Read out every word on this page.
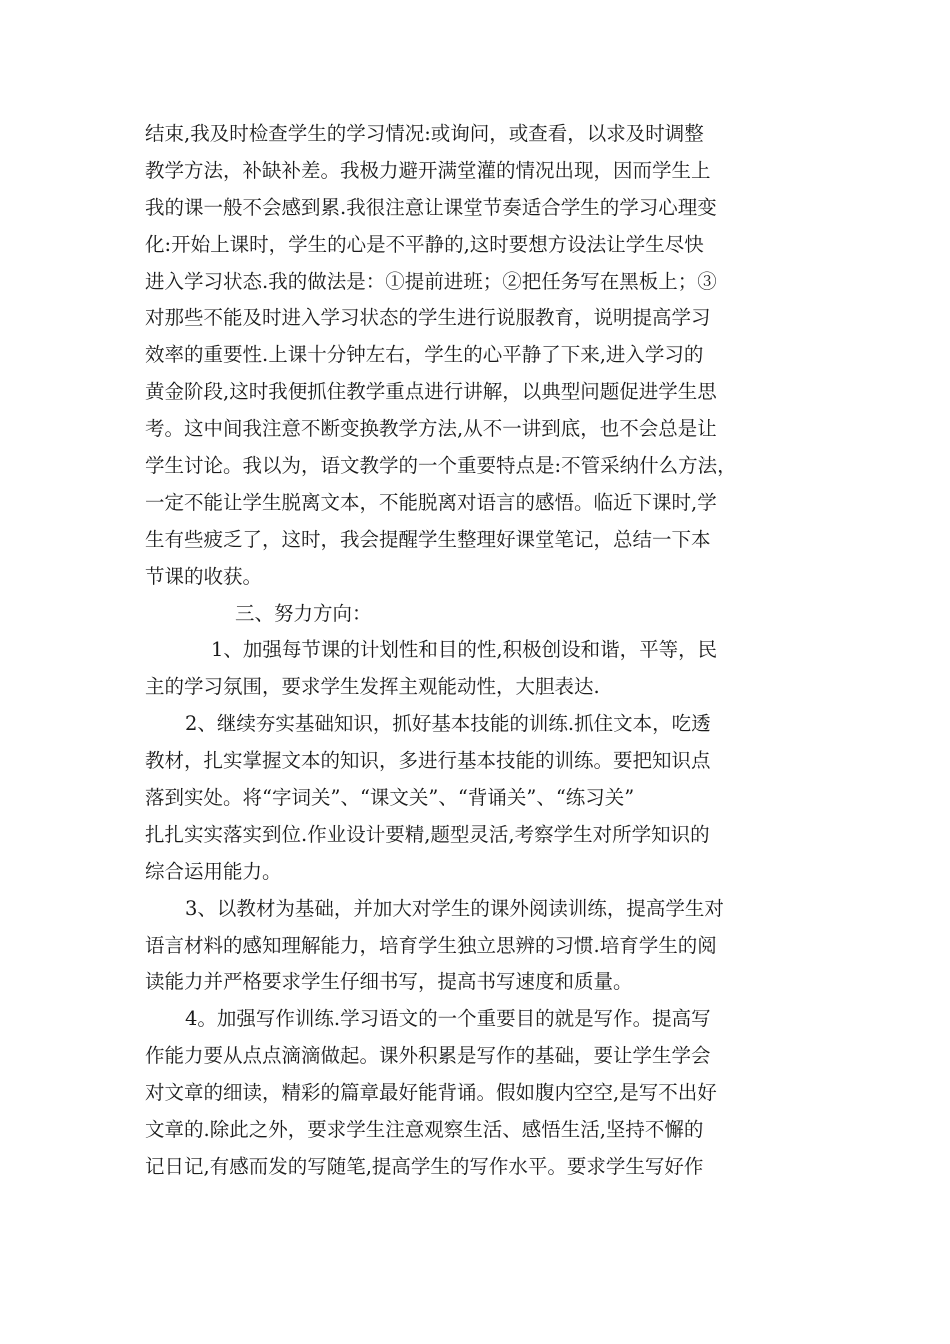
结束,我及时检查学生的学习情况:或询问，或查看，以求及时调整
教学方法，补缺补差。我极力避开满堂灌的情况出现，因而学生上
我的课一般不会感到累.我很注意让课堂节奏适合学生的学习心理变
化:开始上课时，学生的心是不平静的,这时要想方设法让学生尽快
进入学习状态.我的做法是：①提前进班；②把任务写在黑板上；③
对那些不能及时进入学习状态的学生进行说服教育，说明提高学习
效率的重要性.上课十分钟左右，学生的心平静了下来,进入学习的
黄金阶段,这时我便抓住教学重点进行讲解，以典型问题促进学生思
考。这中间我注意不断变换教学方法,从不一讲到底，也不会总是让
学生讨论。我以为，语文教学的一个重要特点是:不管采纳什么方法，
一定不能让学生脱离文本，不能脱离对语言的感悟。临近下课时,学
生有些疲乏了，这时，我会提醒学生整理好课堂笔记，总结一下本
节课的收获。
三、努力方向：
1、加强每节课的计划性和目的性,积极创设和谐，平等，民
主的学习氛围，要求学生发挥主观能动性，大胆表达.
2、继续夯实基础知识，抓好基本技能的训练.抓住文本，吃透
教材，扎实掌握文本的知识，多进行基本技能的训练。要把知识点
落到实处。将“字词关”、“课文关”、“背诵关”、“练习关”
扎扎实实落实到位.作业设计要精,题型灵活,考察学生对所学知识的
综合运用能力。
3、以教材为基础，并加大对学生的课外阅读训练，提高学生对
语言材料的感知理解能力，培育学生独立思辨的习惯.培育学生的阅
读能力并严格要求学生仔细书写，提高书写速度和质量。
4。加强写作训练.学习语文的一个重要目的就是写作。提高写
作能力要从点点滴滴做起。课外积累是写作的基础，要让学生学会
对文章的细读，精彩的篇章最好能背诵。假如腹内空空,是写不出好
文章的.除此之外，要求学生注意观察生活、感悟生活,坚持不懈的
记日记,有感而发的写随笔,提高学生的写作水平。要求学生写好作
